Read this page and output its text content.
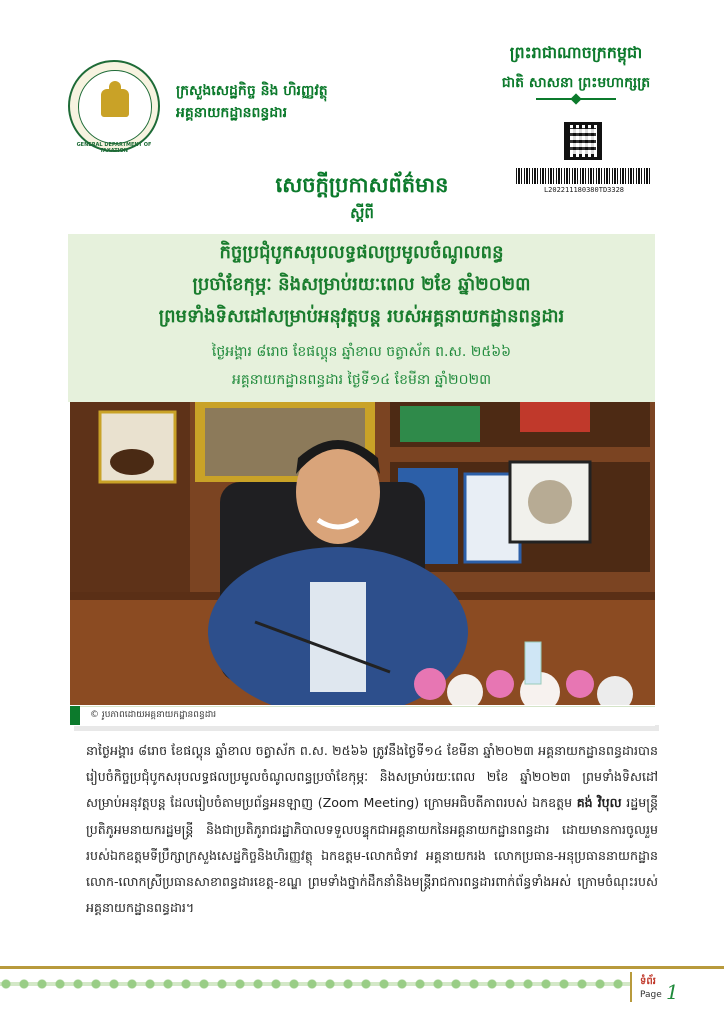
GENERAL DEPARTMENT OF TAXATION
ក្រសួងសេដ្ឋកិច្ច និង ហិរញ្ញវត្ថុ
អគ្គនាយកដ្ឋានពន្ធដារ
ព្រះរាជាណាចក្រកម្ពុជា
ជាតិ សាសនា ព្រះមហាក្សត្រ
L202211180380TD3328
សេចក្តីប្រកាសព័ត៌មាន
ស្តីពី
កិច្ចប្រជុំបូកសរុបលទ្ធផលប្រមូលចំណូលពន្ធ
ប្រចាំខែកុម្ភៈ និងសម្រាប់រយៈពេល ២ខែ ឆ្នាំ២០២៣
ព្រមទាំងទិសដៅសម្រាប់អនុវត្តបន្ត របស់អគ្គនាយកដ្ឋានពន្ធដារ
ថ្ងៃអង្គារ ៨រោច ខែផល្គុន ឆ្នាំខាល ចត្វាស័ក ព.ស. ២៥៦៦
អគ្គនាយកដ្ឋានពន្ធដារ ថ្ងៃទី១៤ ខែមីនា ឆ្នាំ២០២៣
© រូបភាពដោយអគ្គនាយកដ្ឋានពន្ធដារ
នាថ្ងៃអង្គារ ៨រោច ខែផល្គុន ឆ្នាំខាល ចត្វាស័ក ព.ស. ២៥៦៦ ត្រូវនឹងថ្ងៃទី១៤ ខែមីនា ឆ្នាំ២០២៣ អគ្គនាយកដ្ឋានពន្ធដារបានរៀបចំកិច្ចប្រជុំបូកសរុបលទ្ធផលប្រមូលចំណូលពន្ធប្រចាំខែកុម្ភៈ និងសម្រាប់រយៈពេល ២ខែ ឆ្នាំ២០២៣ ព្រមទាំងទិសដៅសម្រាប់អនុវត្តបន្ត ដែលរៀបចំតាមប្រព័ន្ធអនឡាញ (Zoom Meeting) ក្រោមអធិបតីភាពរបស់ ឯកឧត្តម គង់ វិបុល រដ្ឋមន្ត្រីប្រតិភូអមនាយករដ្ឋមន្ត្រី និងជាប្រតិភូរាជរដ្ឋាភិបាលទទួលបន្ទុកជាអគ្គនាយកនៃអគ្គនាយកដ្ឋានពន្ធដារ ដោយមានការចូលរួមរបស់ឯកឧត្តមទីប្រឹក្សាក្រសួងសេដ្ឋកិច្ចនិងហិរញ្ញវត្ថុ ឯកឧត្តម-លោកជំទាវ អគ្គនាយករង លោកប្រធាន-អនុប្រធាននាយកដ្ឋាន លោក-លោកស្រីប្រធានសាខាពន្ធដារខេត្ត-ខណ្ឌ ព្រមទាំងថ្នាក់ដឹកនាំនិងមន្ត្រីរាជការពន្ធដារពាក់ព័ន្ធទាំងអស់ ក្រោមចំណុះរបស់អគ្គនាយកដ្ឋានពន្ធដារ។
ទំព័រ
Page 1
